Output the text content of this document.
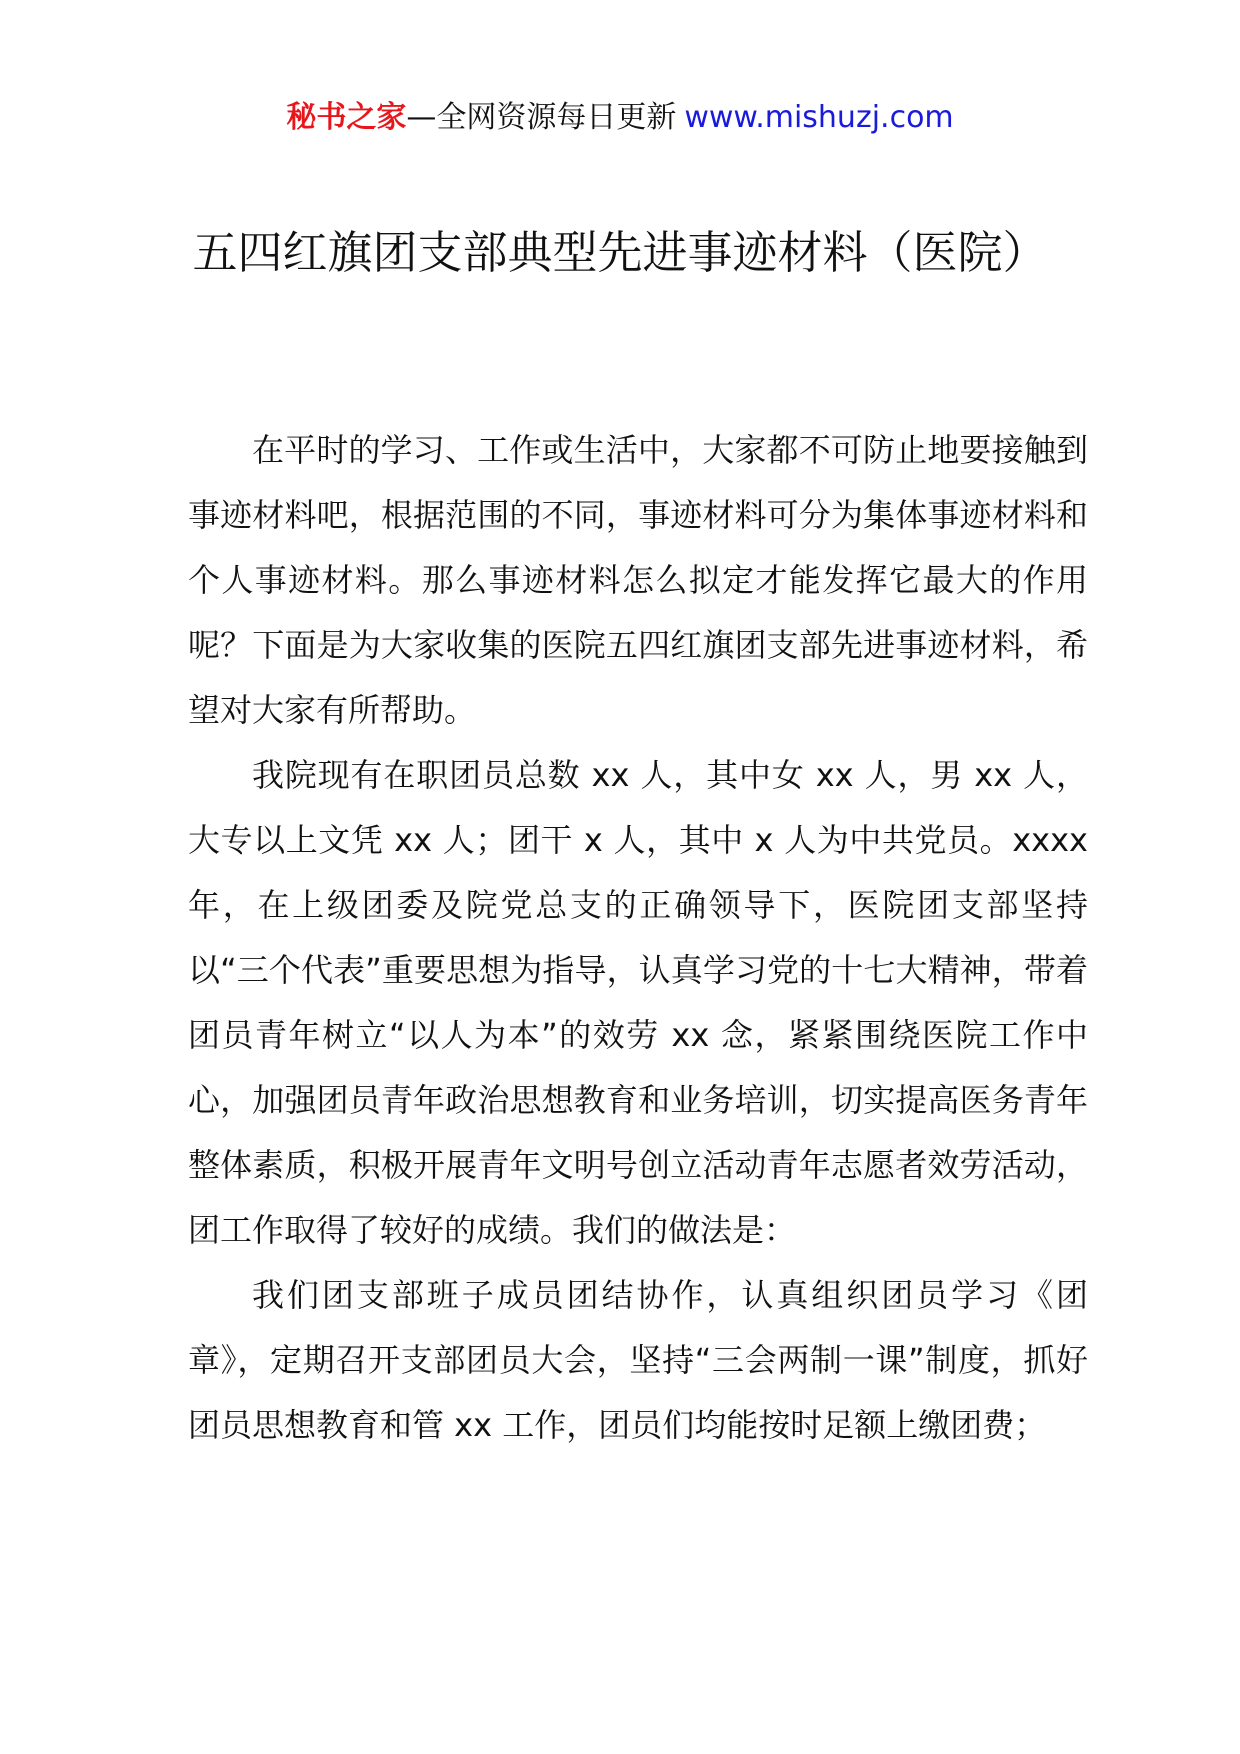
秘书之家—全网资源每日更新 www.mishuzj.com
五四红旗团支部典型先进事迹材料（医院）

在平时的学习、工作或生活中，大家都不可防止地要接触到事迹材料吧，根据范围的不同，事迹材料可分为集体事迹材料和个人事迹材料。那么事迹材料怎么拟定才能发挥它最大的作用呢？下面是为大家收集的医院五四红旗团支部先进事迹材料，希望对大家有所帮助。

我院现有在职团员总数 xx 人，其中女 xx 人，男 xx 人，大专以上文凭 xx 人；团干 x 人，其中 x 人为中共党员。xxxx 年，在上级团委及院党总支的正确领导下，医院团支部坚持以“三个代表”重要思想为指导，认真学习党的十七大精神，带着团员青年树立“以人为本”的效劳 xx 念，紧紧围绕医院工作中心，加强团员青年政治思想教育和业务培训，切实提高医务青年整体素质，积极开展青年文明号创立活动青年志愿者效劳活动，团工作取得了较好的成绩。我们的做法是：

我们团支部班子成员团结协作，认真组织团员学习《团章》，定期召开支部团员大会，坚持“三会两制一课”制度，抓好团员思想教育和管 xx 工作，团员们均能按时足额上缴团费；
